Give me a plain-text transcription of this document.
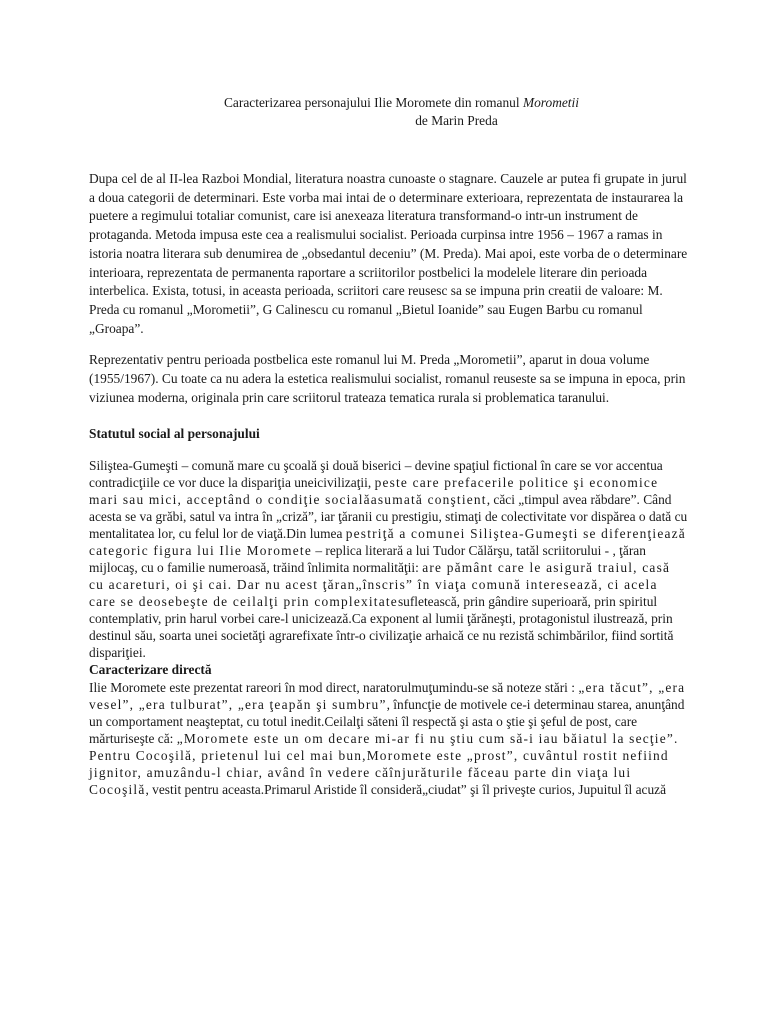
Caracterizarea personajului Ilie Moromete din romanul Morometii
de Marin Preda

Dupa cel de al II-lea Razboi Mondial, literatura noastra cunoaste o stagnare. Cauzele ar putea fi grupate in jurul a doua categorii de determinari. Este vorba mai intai de o determinare exterioara, reprezentata de instaurarea la puetere a regimului totaliar comunist, care isi anexeaza literatura transformand-o intr-un instrument de protaganda. Metoda impusa este cea a realismului socialist. Perioada curpinsa intre 1956 – 1967 a ramas in istoria noatra literara sub denumirea de „obsedantul deceniu” (M. Preda). Mai apoi, este vorba de o determinare interioara, reprezentata de permanenta raportare a scriitorilor postbelici la modelele literare din perioada interbelica. Exista, totusi, in aceasta perioada, scriitori care reusesc sa se impuna prin creatii de valoare: M. Preda cu romanul „Morometii”, G Calinescu cu romanul „Bietul Ioanide” sau Eugen Barbu cu romanul „Groapa”.

Reprezentativ pentru perioada postbelica este romanul lui M. Preda „Morometii”, aparut in doua volume (1955/1967). Cu toate ca nu adera la estetica realismului socialist, romanul reuseste sa se impuna in epoca, prin viziunea moderna, originala prin care scriitorul trateaza tematica rurala si problematica taranului.

Statutul social al personajului

Siliştea-Gumeşti – comună mare cu şcoală şi două biserici – devine spaţiul fictional în care se vor accentua contradicţiile ce vor duce la dispariţia uneicivilizaţii, peste care prefacerile politice şi economice mari sau mici, acceptând o condiţie socialăasumată conştient, căci „timpul avea răbdare”. Când acesta se va grăbi, satul va intra în „criză”, iar ţăranii cu prestigiu, stimaţi de colectivitate vor dispărea o dată cu mentalitatea lor, cu felul lor de viaţă.Din lumea pestriţă a comunei Siliştea-Gumeşti se diferenţiează categoric figura lui Ilie Moromete – replica literară a lui Tudor Călărşu, tatăl scriitorului - , ţăran mijlocaş, cu o familie numeroasă, trăind înlimita normalităţii: are pământ care le asigură traiul, casă cu acareturi, oi şi cai. Dar nu acest ţăran„înscris” în viaţa comună interesează, ci acela care se deosebeşte de ceilalţi prin complexitatesufletească, prin gândire superioară, prin spiritul contemplativ, prin harul vorbei care-l unicizează.Ca exponent al lumii ţărăneşti, protagonistul ilustrează, prin destinul său, soarta unei societăţi agrarefixate într-o civilizaţie arhaică ce nu rezistă schimbărilor, fiind sortită dispariţiei.

Caracterizare directă

Ilie Moromete este prezentat rareori în mod direct, naratorulmuţumindu-se să noteze stări : „era tăcut”, „era vesel”, „era tulburat”, „era ţeapăn şi sumbru”, înfuncţie de motivele ce-i determinau starea, anunţând un comportament neaşteptat, cu totul inedit.Ceilalţi săteni îl respectă şi asta o ştie şi şeful de post, care mărturiseşte că: „Moromete este un om decare mi-ar fi nu ştiu cum să-i iau băiatul la secţie”. Pentru Cocoşilă, prietenul lui cel mai bun,Moromete este „prost”, cuvântul rostit nefiind jignitor, amuzându-l chiar, având în vedere căînjurăturile făceau parte din viaţa lui Cocoşilă, vestit pentru aceasta.Primarul Aristide îl consideră„ciudat” şi îl priveşte curios, Jupuitul îl acuză
